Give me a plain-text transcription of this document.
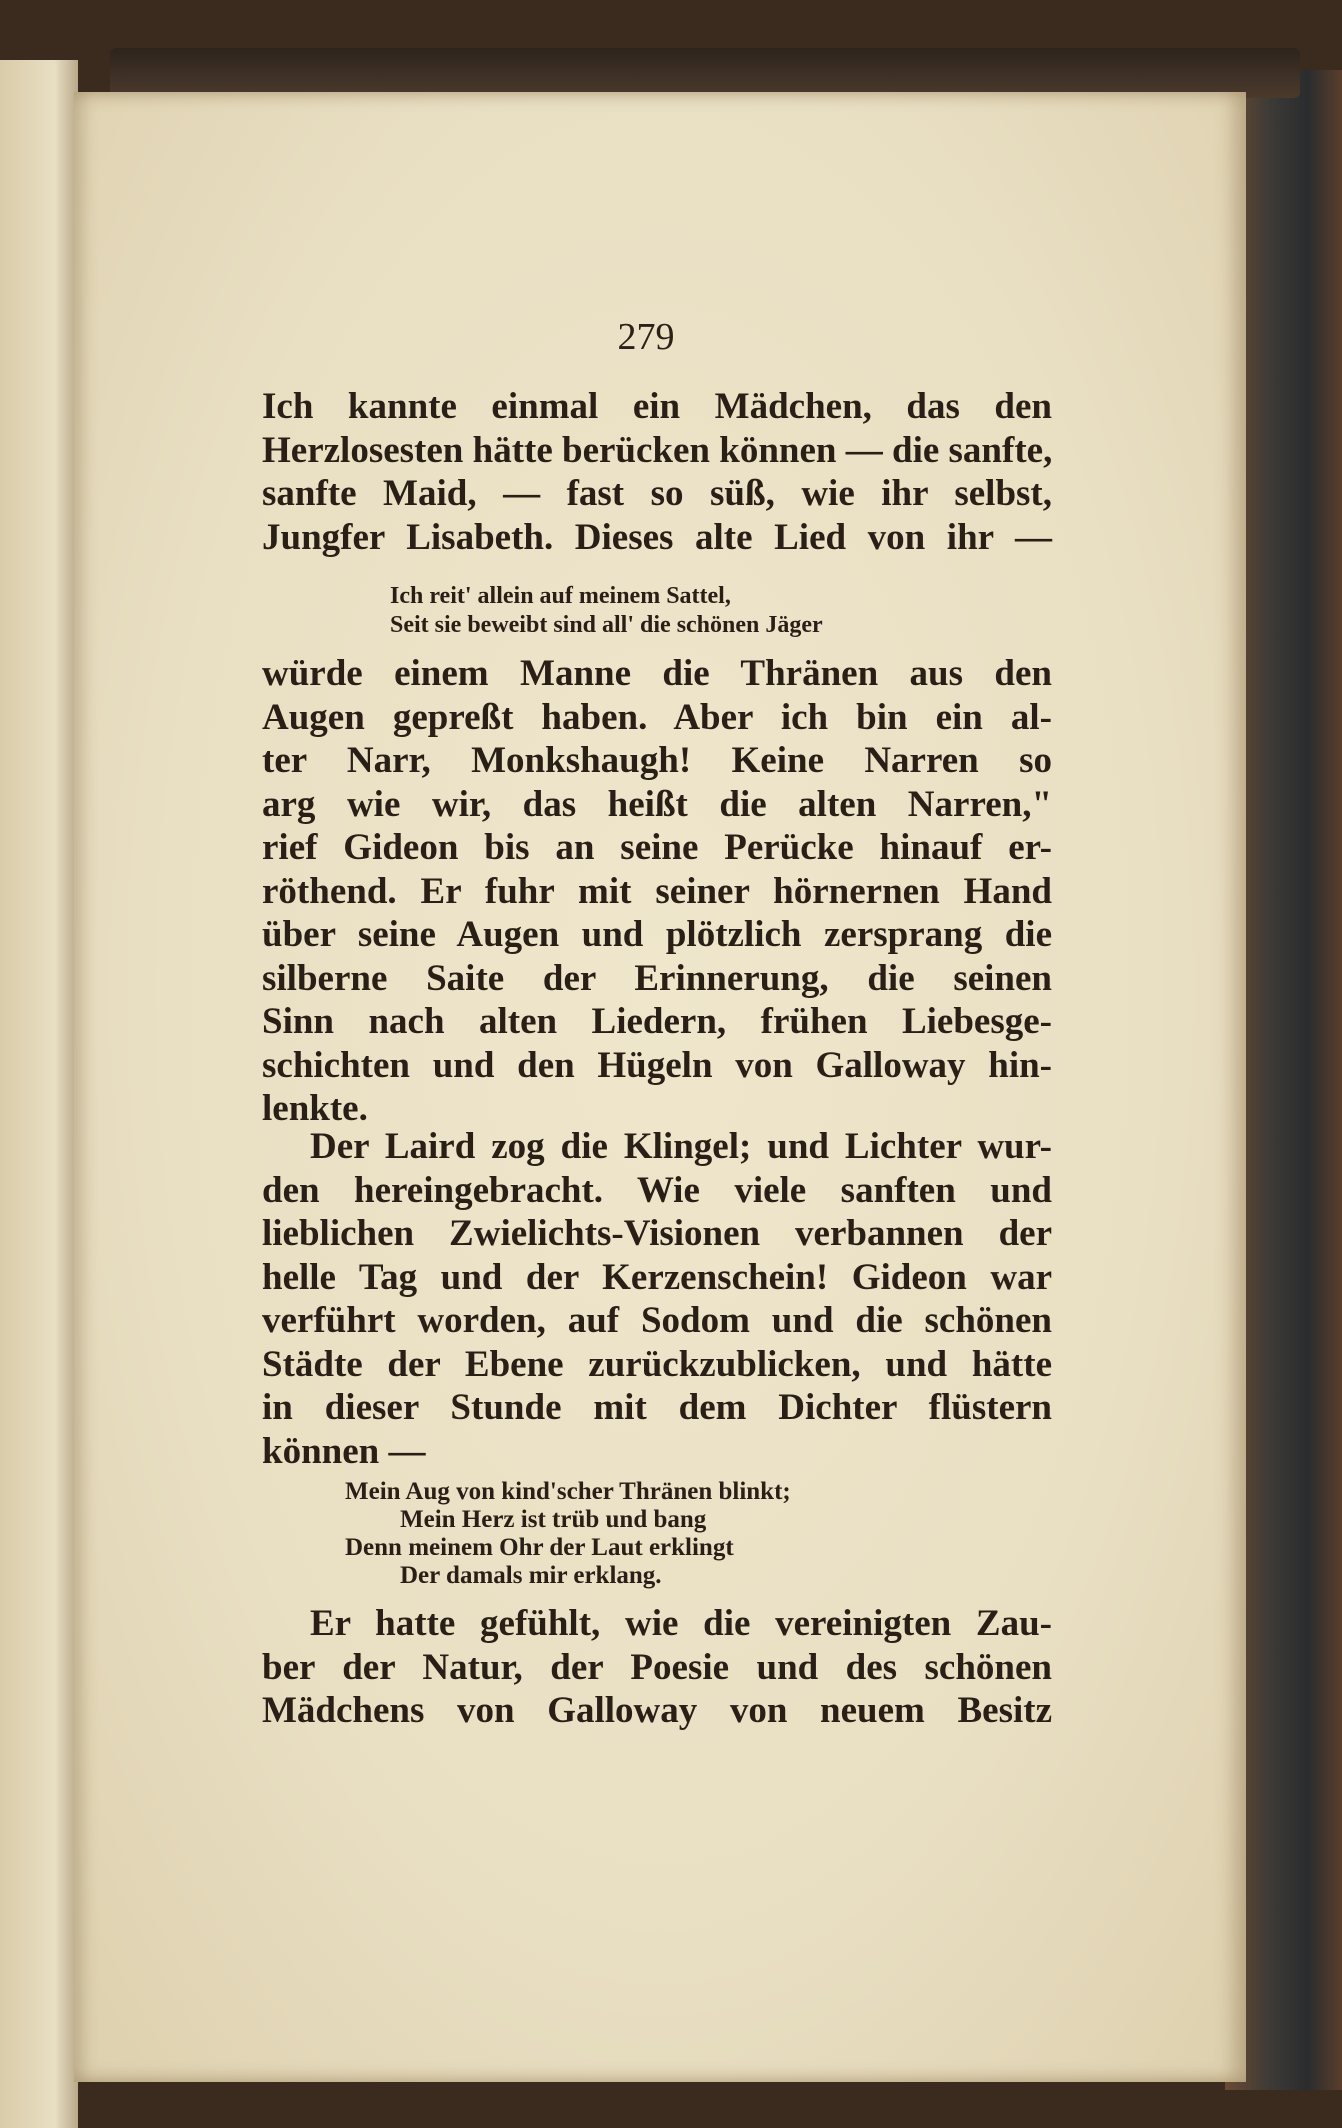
279
Ich kannte einmal ein Mädchen, das den
Herzlosesten hätte berücken können — die sanfte,
sanfte Maid, — fast so süß, wie ihr selbst,
Jungfer Lisabeth. Dieses alte Lied von ihr —
Ich reit' allein auf meinem Sattel,
Seit sie beweibt sind all' die schönen Jäger
würde einem Manne die Thränen aus den
Augen gepreßt haben. Aber ich bin ein al-
ter Narr, Monkshaugh! Keine Narren so
arg wie wir, das heißt die alten Narren,"
rief Gideon bis an seine Perücke hinauf er-
röthend. Er fuhr mit seiner hörnernen Hand
über seine Augen und plötzlich zersprang die
silberne Saite der Erinnerung, die seinen
Sinn nach alten Liedern, frühen Liebesge-
schichten und den Hügeln von Galloway hin-
lenkte.
Der Laird zog die Klingel; und Lichter wur-
den hereingebracht. Wie viele sanften und
lieblichen Zwielichts-Visionen verbannen der
helle Tag und der Kerzenschein! Gideon war
verführt worden, auf Sodom und die schönen
Städte der Ebene zurückzublicken, und hätte
in dieser Stunde mit dem Dichter flüstern
können —
Mein Aug von kind'scher Thränen blinkt;
Mein Herz ist trüb und bang
Denn meinem Ohr der Laut erklingt
Der damals mir erklang.
Er hatte gefühlt, wie die vereinigten Zau-
ber der Natur, der Poesie und des schönen
Mädchens von Galloway von neuem Besitz
